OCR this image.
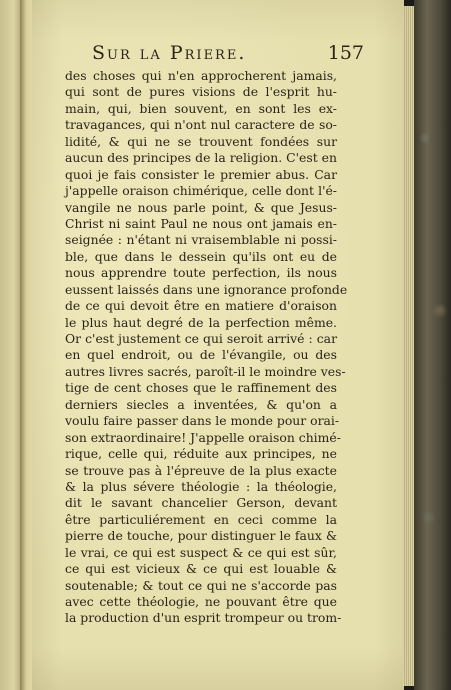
Sur la Priere.	157
des choses qui n'en approcherent jamais,
qui sont de pures visions de l'esprit hu-
main, qui, bien souvent, en sont les ex-
travagances, qui n'ont nul caractere de so-
lidité, & qui ne se trouvent fondées sur
aucun des principes de la religion. C'est en
quoi je fais consister le premier abus. Car
j'appelle oraison chimérique, celle dont l'é-
vangile ne nous parle point, & que Jesus-
Christ ni saint Paul ne nous ont jamais en-
seignée : n'étant ni vraisemblable ni possi-
ble, que dans le dessein qu'ils ont eu de
nous apprendre toute perfection, ils nous
eussent laissés dans une ignorance profonde
de ce qui devoit être en matiere d'oraison
le plus haut degré de la perfection même.
Or c'est justement ce qui seroit arrivé : car
en quel endroit, ou de l'évangile, ou des
autres livres sacrés, paroît-il le moindre ves-
tige de cent choses que le raffinement des
derniers siecles a inventées, & qu'on a
voulu faire passer dans le monde pour orai-
son extraordinaire! J'appelle oraison chimé-
rique, celle qui, réduite aux principes, ne
se trouve pas à l'épreuve de la plus exacte
& la plus sévere théologie : la théologie,
dit le savant chancelier Gerson, devant
être particuliérement en ceci comme la
pierre de touche, pour distinguer le faux &
le vrai, ce qui est suspect & ce qui est sûr,
ce qui est vicieux & ce qui est louable &
soutenable; & tout ce qui ne s'accorde pas
avec cette théologie, ne pouvant être que
la production d'un esprit trompeur ou trom-
